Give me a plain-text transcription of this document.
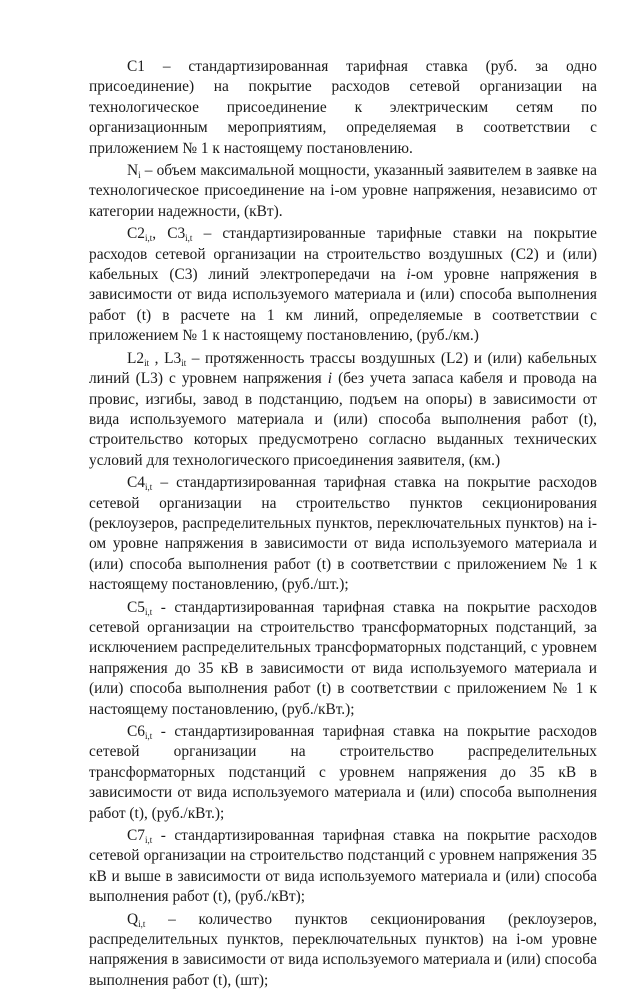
C1 – стандартизированная тарифная ставка (руб. за одно присоединение) на покрытие расходов сетевой организации на технологическое присоединение к электрическим сетям по организационным мероприятиям, определяемая в соответствии с приложением № 1 к настоящему постановлению.

$N_i$ – объем максимальной мощности, указанный заявителем в заявке на технологическое присоединение на i-ом уровне напряжения, независимо от категории надежности, (кВт).

$C2_{i,t}$, $C3_{i,t}$ – стандартизированные тарифные ставки на покрытие расходов сетевой организации на строительство воздушных (C2) и (или) кабельных (C3) линий электропередачи на i-ом уровне напряжения в зависимости от вида используемого материала и (или) способа выполнения работ (t) в расчете на 1 км линий, определяемые в соответствии с приложением № 1 к настоящему постановлению, (руб./км.)

$L2_{it}$ , $L3_{it}$ – протяженность трассы воздушных (L2) и (или) кабельных линий (L3) с уровнем напряжения i (без учета запаса кабеля и провода на провис, изгибы, завод в подстанцию, подъем на опоры) в зависимости от вида используемого материала и (или) способа выполнения работ (t), строительство которых предусмотрено согласно выданных технических условий для технологического присоединения заявителя, (км.)

$C4_{i,t}$ – стандартизированная тарифная ставка на покрытие расходов сетевой организации на строительство пунктов секционирования (реклоузеров, распределительных пунктов, переключательных пунктов) на i-ом уровне напряжения в зависимости от вида используемого материала и (или) способа выполнения работ (t) в соответствии с приложением № 1 к настоящему постановлению, (руб./шт.);

$C5_{i,t}$ - стандартизированная тарифная ставка на покрытие расходов сетевой организации на строительство трансформаторных подстанций, за исключением распределительных трансформаторных подстанций, с уровнем напряжения до 35 кВ в зависимости от вида используемого материала и (или) способа выполнения работ (t) в соответствии с приложением № 1 к настоящему постановлению, (руб./кВт.);

$C6_{i,t}$ - стандартизированная тарифная ставка на покрытие расходов сетевой организации на строительство распределительных трансформаторных подстанций с уровнем напряжения до 35 кВ в зависимости от вида используемого материала и (или) способа выполнения работ (t), (руб./кВт.);

$C7_{i,t}$ - стандартизированная тарифная ставка на покрытие расходов сетевой организации на строительство подстанций с уровнем напряжения 35 кВ и выше в зависимости от вида используемого материала и (или) способа выполнения работ (t), (руб./кВт);

$Q_{i,t}$ – количество пунктов секционирования (реклоузеров, распределительных пунктов, переключательных пунктов) на i-ом уровне напряжения в зависимости от вида используемого материала и (или) способа выполнения работ (t), (шт);
